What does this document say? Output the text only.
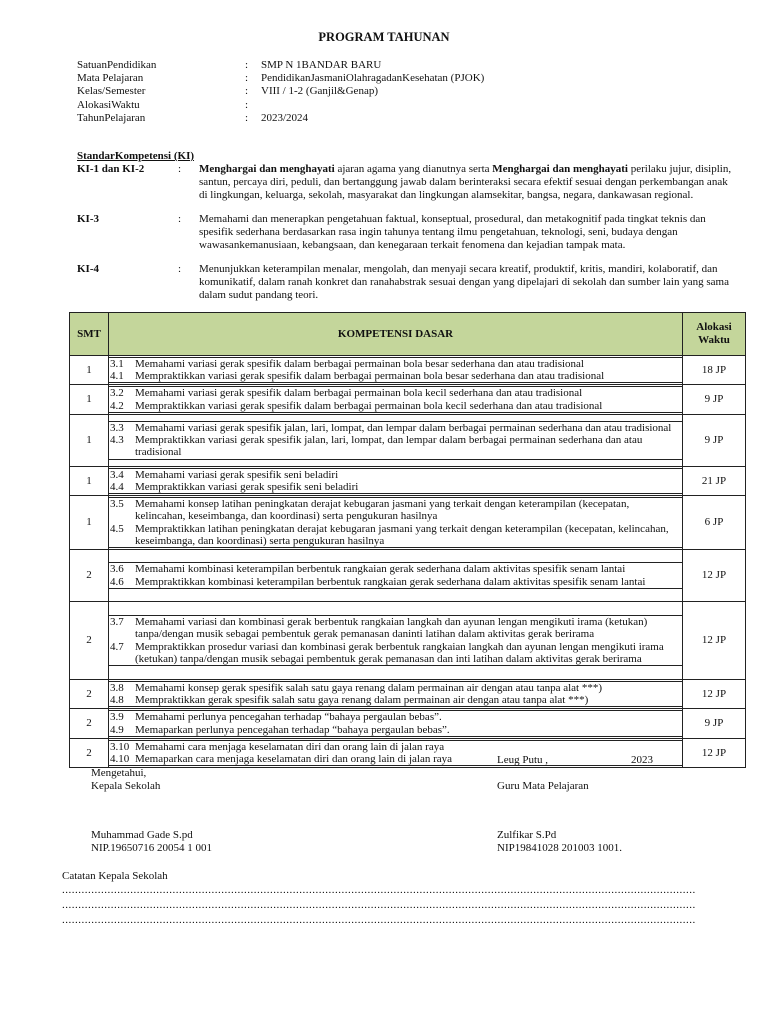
PROGRAM TAHUNAN
SatuanPendidikan	:	SMP N 1BANDAR BARU
Mata Pelajaran	:	PendidikanJasmaniOlahragadanKesehatan (PJOK)
Kelas/Semester	:	VIII / 1-2 (Ganjil&Genap)
AlokasiWaktu	:
TahunPelajaran	:	2023/2024
StandarKompetensi (KI)
KI-1 dan KI-2	:	Menghargai dan menghayati ajaran agama yang dianutnya serta Menghargai dan menghayati perilaku jujur, disiplin, santun, percaya diri, peduli, dan bertanggung jawab dalam berinteraksi secara efektif sesuai dengan perkembangan anak di lingkungan, keluarga, sekolah, masyarakat dan lingkungan alamsekitar, bangsa, negara, dankawasan regional.
KI-3	:	Memahami dan menerapkan pengetahuan faktual, konseptual, prosedural, dan metakognitif pada tingkat teknis dan spesifik sederhana berdasarkan rasa ingin tahunya tentang ilmu pengetahuan, teknologi, seni, budaya dengan wawasankemanusiaan, kebangsaan, dan kenegaraan terkait fenomena dan kejadian tampak mata.
KI-4	:	Menunjukkan keterampilan menalar, mengolah, dan menyaji secara kreatif, produktif, kritis, mandiri, kolaboratif, dan komunikatif, dalam ranah konkret dan ranahabstrak sesuai dengan yang dipelajari di sekolah dan sumber lain yang sama dalam sudut pandang teori.
SMT	KOMPETENSI DASAR	Alokasi Waktu
1	3.1 Memahami variasi gerak spesifik dalam berbagai permainan bola besar sederhana dan atau tradisional
4.1 Mempraktikkan variasi gerak spesifik dalam berbagai permainan bola besar sederhana dan atau tradisional	18 JP
1	3.2 Memahami variasi gerak spesifik dalam berbagai permainan bola kecil sederhana dan atau tradisional
4.2 Mempraktikkan variasi gerak spesifik dalam berbagai permainan bola kecil sederhana dan atau tradisional	9 JP
1	3.3 Memahami variasi gerak spesifik jalan, lari, lompat, dan lempar dalam berbagai permainan sederhana dan atau tradisional
4.3 Mempraktikkan variasi gerak spesifik jalan, lari, lompat, dan lempar dalam berbagai permainan sederhana dan atau tradisional	9 JP
1	3.4 Memahami variasi gerak spesifik seni beladiri
4.4 Mempraktikkan variasi gerak spesifik seni beladiri	21 JP
1	3.5 Memahami konsep latihan peningkatan derajat kebugaran jasmani yang terkait dengan keterampilan (kecepatan, kelincahan, keseimbanga, dan koordinasi) serta pengukuran hasilnya
4.5 Mempraktikkan latihan peningkatan derajat kebugaran jasmani yang terkait dengan keterampilan (kecepatan, kelincahan, keseimbanga, dan koordinasi) serta pengukuran hasilnya	6 JP
2	3.6 Memahami kombinasi keterampilan berbentuk rangkaian gerak sederhana dalam aktivitas spesifik senam lantai
4.6 Mempraktikkan kombinasi keterampilan berbentuk rangkaian gerak sederhana dalam aktivitas spesifik senam lantai	12 JP
2	3.7 Memahami variasi dan kombinasi gerak berbentuk rangkaian langkah dan ayunan lengan mengikuti irama (ketukan) tanpa/dengan musik sebagai pembentuk gerak pemanasan daninti latihan dalam aktivitas gerak berirama
4.7 Mempraktikkan prosedur variasi dan kombinasi gerak berbentuk rangkaian langkah dan ayunan lengan mengikuti irama (ketukan) tanpa/dengan musik sebagai pembentuk gerak pemanasan dan inti latihan dalam aktivitas gerak berirama	12 JP
2	3.8 Memahami konsep gerak spesifik salah satu gaya renang dalam permainan air dengan atau tanpa alat ***)
4.8 Mempraktikkan gerak spesifik salah satu gaya renang dalam permainan air dengan atau tanpa alat ***)	12 JP
2	3.9 Memahami perlunya pencegahan terhadap “bahaya pergaulan bebas”.
4.9 Memaparkan perlunya pencegahan terhadap “bahaya pergaulan bebas”.	9 JP
2	3.10 Memahami cara menjaga keselamatan diri dan orang lain di jalan raya
4.10 Memaparkan cara menjaga keselamatan diri dan orang lain di jalan raya	12 JP
Leug Putu ,	2023
Mengetahui,
Kepala Sekolah	Guru Mata Pelajaran
Muhammad Gade S.pd
NIP.19650716 20054 1 001
Zulfikar S.Pd
NIP19841028 201003 1001.
Catatan Kepala Sekolah
...................................................................................................................................................................................................
...................................................................................................................................................................................................
...................................................................................................................................................................................................
